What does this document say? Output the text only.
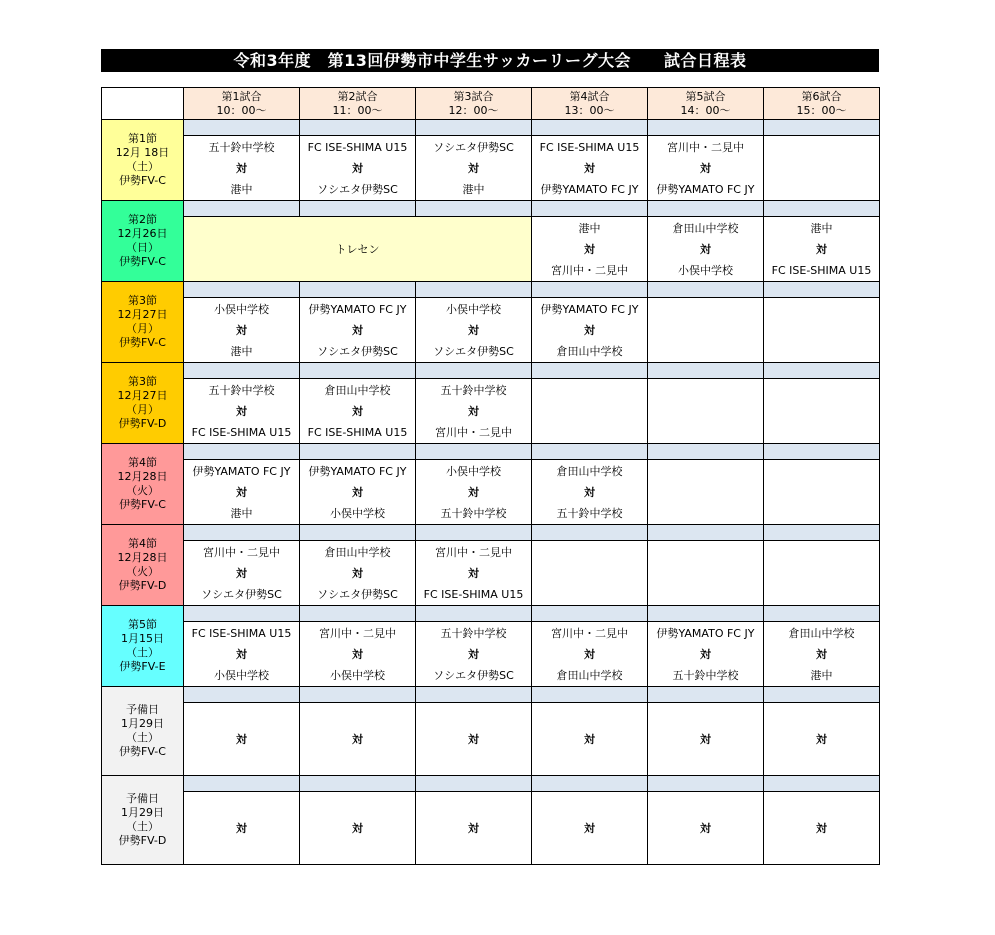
令和3年度　第13回伊勢市中学生サッカーリーグ大会　　試合日程表

	第1試合
10：00～	第2試合
11：00～	第3試合
12：00～	第4試合
13：00～	第5試合
14：00～	第6試合
15：00～

第1節
12月 18日
（土）
伊勢FV-C						

	五十鈴中学校
対
港中	FC ISE-SHIMA U15
対
ソシエタ伊勢SC	ソシエタ伊勢SC
対
港中	FC ISE-SHIMA U15
対
伊勢YAMATO FC JY	宮川中・二見中
対
伊勢YAMATO FC JY	

第2節
12月26日
（日）
伊勢FV-C						

	トレセン			港中
対
宮川中・二見中	倉田山中学校
対
小俣中学校	港中
対
FC ISE-SHIMA U15

第3節
12月27日
（月）
伊勢FV-C						

	小俣中学校
対
港中	伊勢YAMATO FC JY
対
ソシエタ伊勢SC	小俣中学校
対
ソシエタ伊勢SC	伊勢YAMATO FC JY
対
倉田山中学校		

第3節
12月27日
（月）
伊勢FV-D						

	五十鈴中学校
対
FC ISE-SHIMA U15	倉田山中学校
対
FC ISE-SHIMA U15	五十鈴中学校
対
宮川中・二見中			

第4節
12月28日
（火）
伊勢FV-C						

	伊勢YAMATO FC JY
対
港中	伊勢YAMATO FC JY
対
小俣中学校	小俣中学校
対
五十鈴中学校	倉田山中学校
対
五十鈴中学校		

第4節
12月28日
（火）
伊勢FV-D						

	宮川中・二見中
対
ソシエタ伊勢SC	倉田山中学校
対
ソシエタ伊勢SC	宮川中・二見中
対
FC ISE-SHIMA U15			

第5節
1月15日
（土）
伊勢FV-E						

	FC ISE-SHIMA U15
対
小俣中学校	宮川中・二見中
対
小俣中学校	五十鈴中学校
対
ソシエタ伊勢SC	宮川中・二見中
対
倉田山中学校	伊勢YAMATO FC JY
対
五十鈴中学校	倉田山中学校
対
港中

予備日
1月29日
（土）
伊勢FV-C						

	対	対	対	対	対	対

予備日
1月29日
（土）
伊勢FV-D						

	対	対	対	対	対	対
